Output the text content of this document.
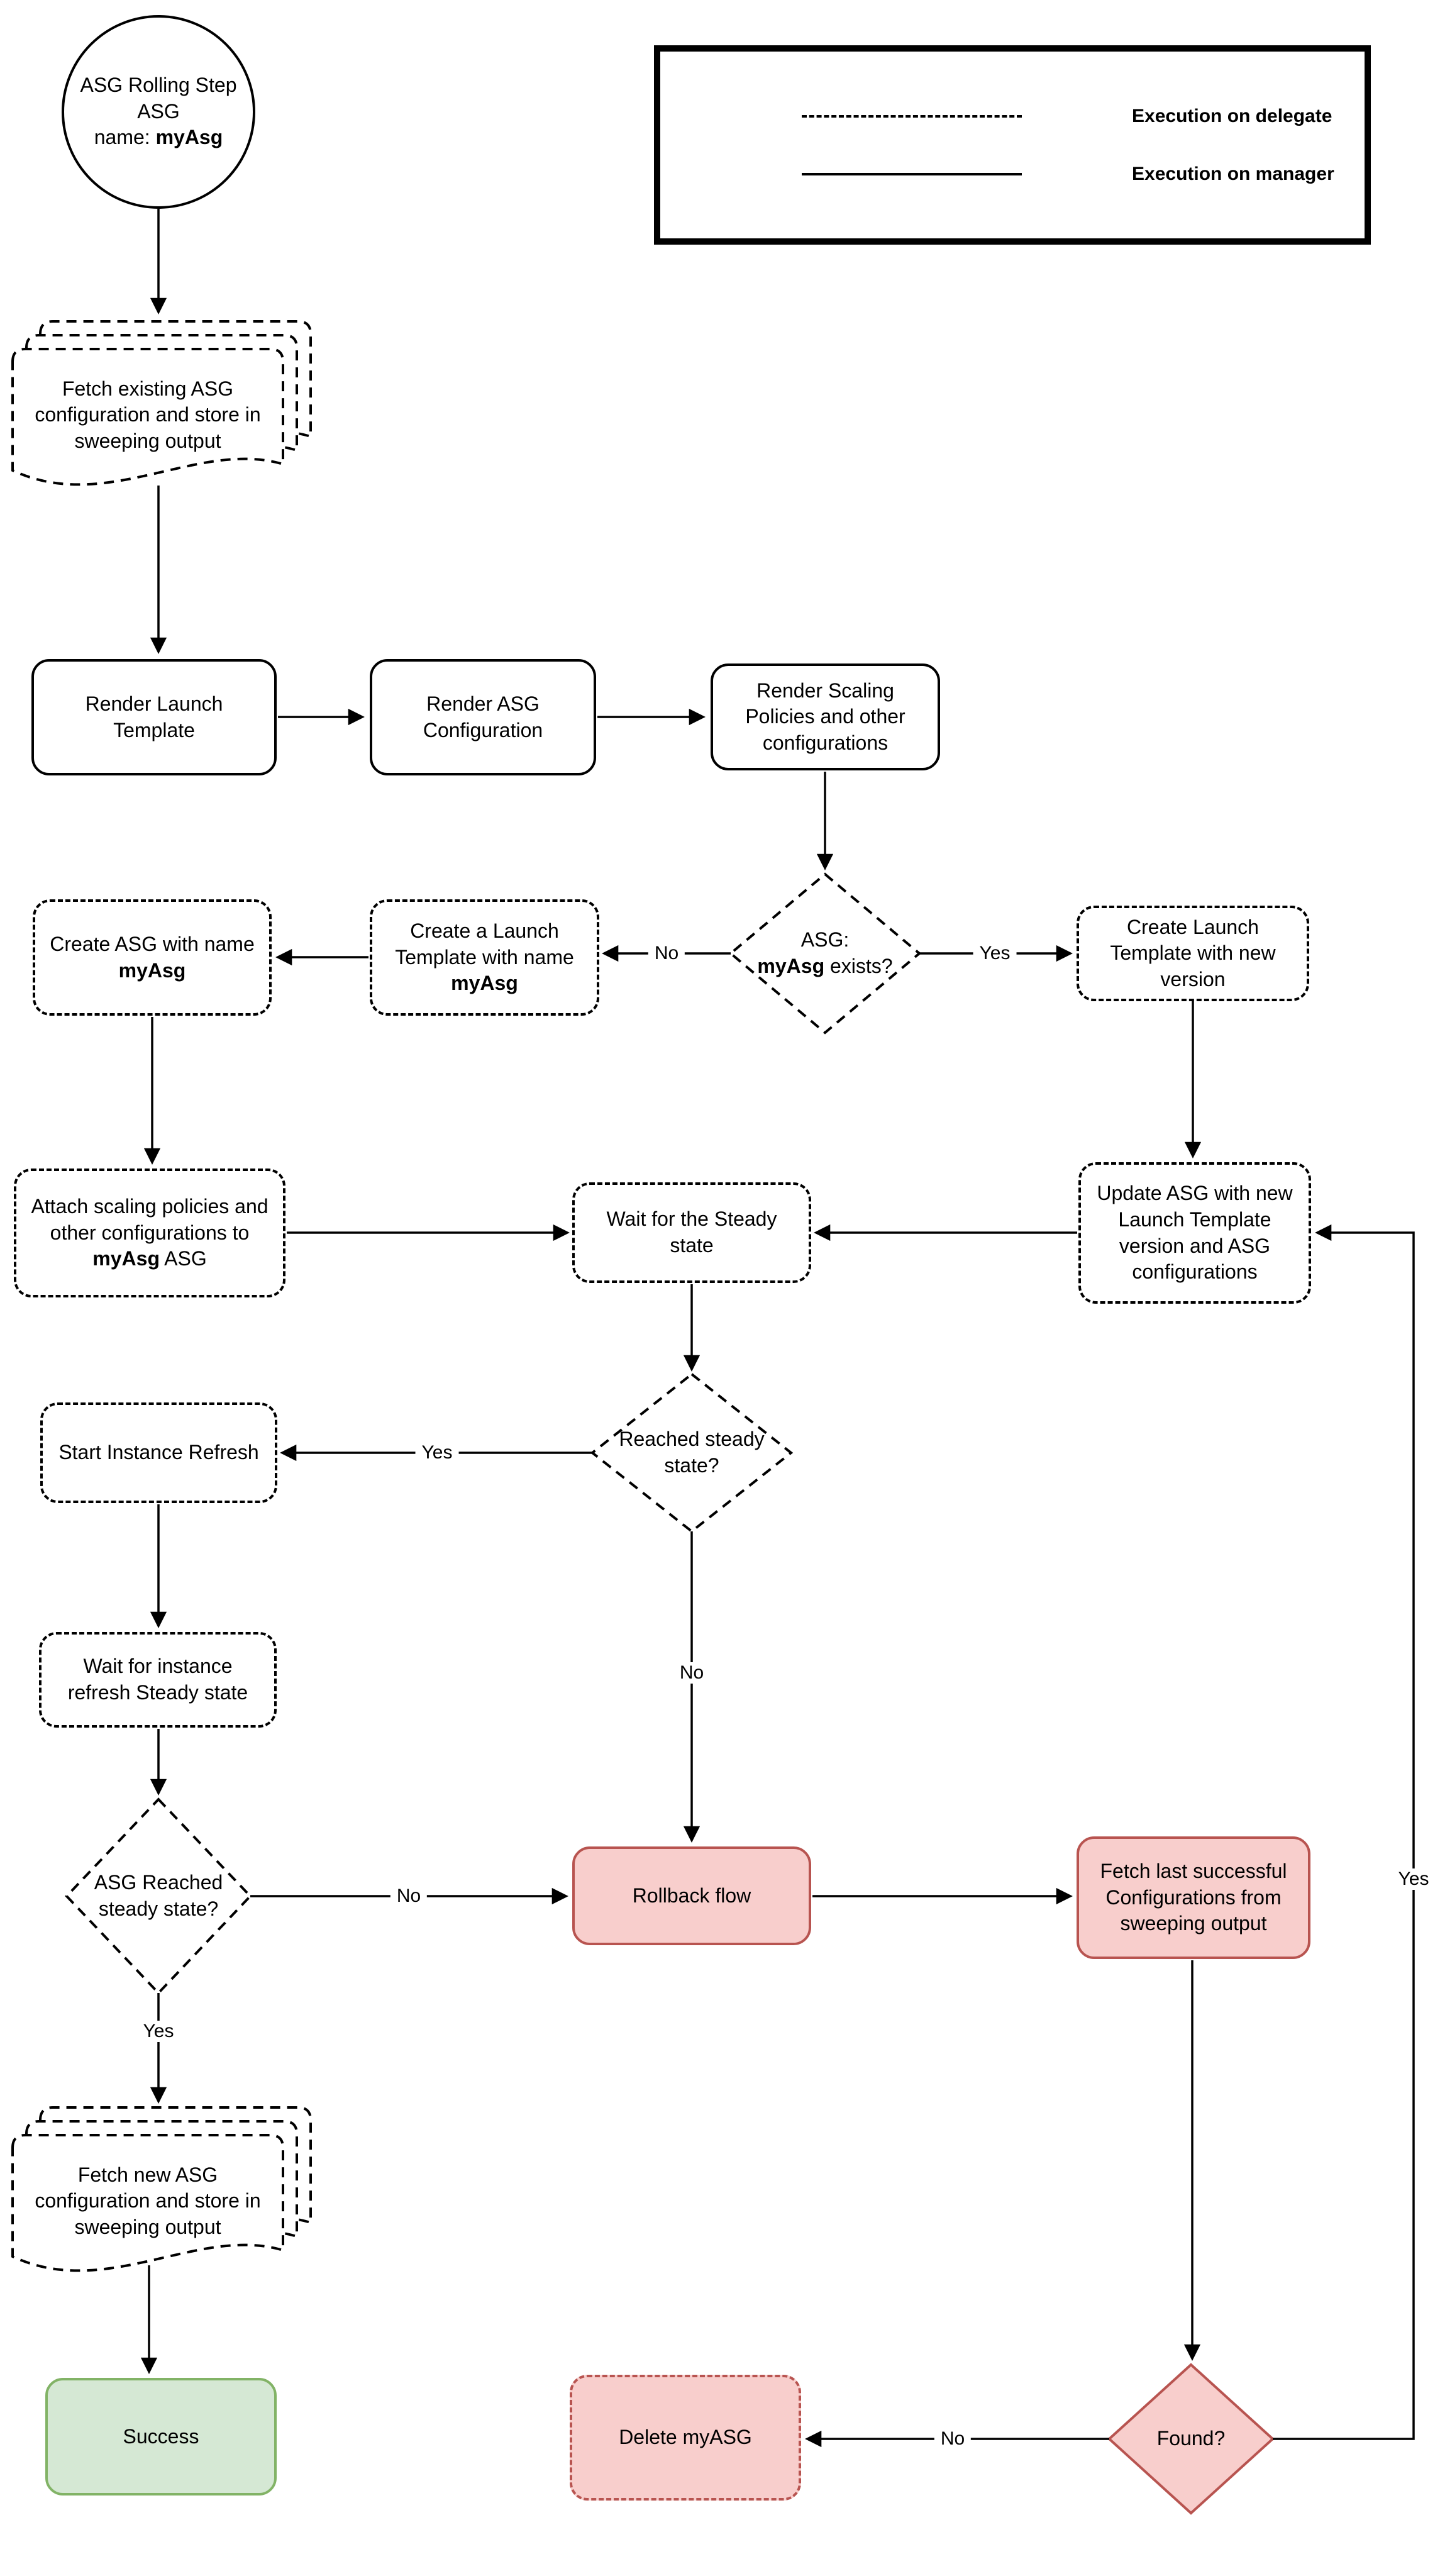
Execution on delegate
Execution on manager
ASG Rolling Step
ASG
name: myAsg
Fetch existing ASG configuration and store in sweeping output
Fetch new ASG configuration and store in sweeping output
Render Launch Template
Render ASG Configuration
Render Scaling Policies and other configurations
Create Launch Template with new version
Create a Launch Template with name myAsg
Create ASG with name myAsg
Attach scaling policies and other configurations to myAsg ASG
Wait for the Steady state
Update ASG with new Launch Template version and ASG configurations
Start Instance Refresh
Wait for instance refresh Steady state
Rollback flow
Fetch last successful Configurations from sweeping output
Delete myASG
Success
ASG:
myAsg exists?
Reached steady state?
ASG Reached steady state?
Found?
No	Yes
Yes
No
No
Yes
No
Yes
